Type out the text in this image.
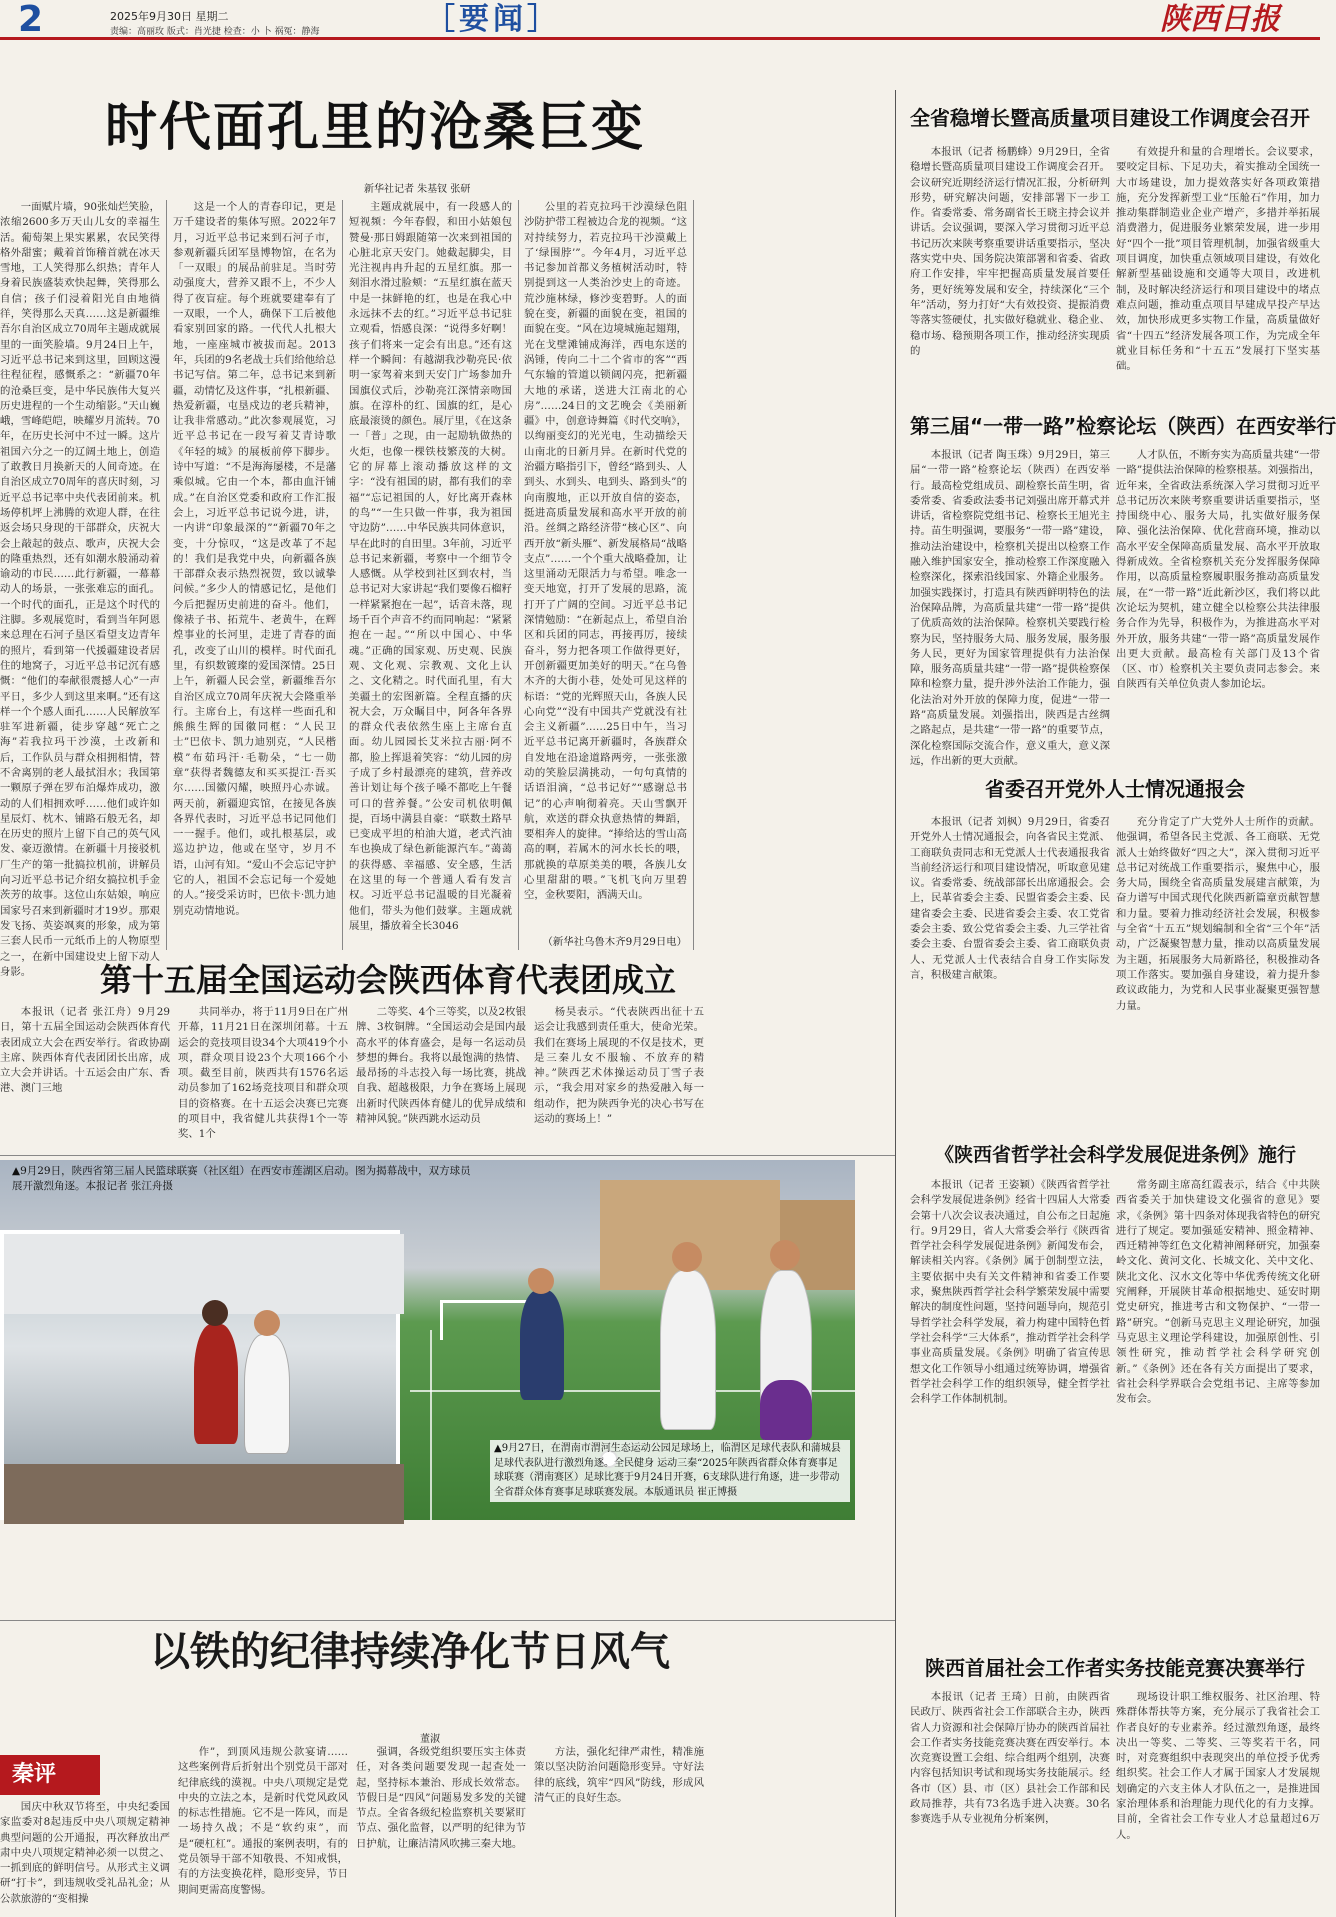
2	2025年9月30日 星期二
责编：高丽玫 版式：肖光捷 检查：小 卜 祸冤：静海	［要闻］	陕西日报
时代面孔里的沧桑巨变
新华社记者 朱基钗 张研

一面赋片墙，90张灿烂笑脸，浓缩2600多万天山儿女的幸福生活。葡萄架上果实累累，农民笑得格外甜蜜；戴着首饰稽首就在冰天雪地，工人笑得那么织热；青年人身着民族盛装欢快起舞，笑得那么自信；孩子们浸着阳光自由地徜徉，笑得那么天真……这是新疆维吾尔自治区成立70周年主题成就展里的一面笑脸墙。9月24日上午，习近平总书记来到这里，回顾这漫往程征程，感慨系之：“新疆70年的沧桑巨变，是中华民族伟大复兴历史进程的一个生动缩影。”天山巍峨，雪峰皑皑，映耀岁月流转。70年，在历史长河中不过一瞬。这片祖国六分之一的辽阔土地上，创造了敢教日月换新天的人间奇迹。在自治区成立70周年的喜庆时刻，习近平总书记率中央代表团前来。机场停机坪上沸腾的欢迎人群，在往返会场只身现的干部群众，庆祝大会上敲起的鼓点、歌声，庆祝大会的隆重热烈，还有如潮水般涌动着谕动的市民……此行新疆，一幕幕动人的场景，一张张难忘的面孔。一个时代的面孔，正是这个时代的注脚。多观展览时，看到当年阿恩来总理在石河子垦区看望支边青年的照片，看到第一代援疆建设者居住的地窝子，习近平总书记沉有感慨：“他们的奉献很震撼人心”一声平日，多少人到这里来啊。”还有这样一个个感人面孔……人民解放军驻军进新疆，徒步穿越“死亡之海”若我拉玛干沙漠，土改新和后，工作队员与群众相拥相情，替不舍离别的老人最拭泪水；我国第一颗原子弹在罗布泊爆炸成功，激动的人们相拥欢呼……他们或许如星辰灯、枕木、铺路石般无名，却在历史的照片上留下自己的英气风发、豪迈激情。在新疆十月接驳机厂生产的第一批搞拉机前，讲解员向习近平总书记介绍女搞拉机手金茨芳的故事。这位山东姑娘，响应国家号召来到新疆时才19岁。那艰发飞扬、英姿飒爽的形象，成为第三套人民币一元纸币上的人物原型之一，在新中国建设史上留下动人身影。

这是一个人的青春印记，更是万千建设者的集体写照。2022年7月，习近平总书记来到石河子市，参观新疆兵团军垦博物馆，在名为「一双眼」的展品前驻足。当时劳动强度大，营养又跟不上，不少人得了夜盲症。每个班就要建奉有了一双眼，一个人，确保下工后被他看家别回家的路。一代代人扎根大地，一座座城市被拔而起。2013年，兵团的9名老战士兵们给他给总书记写信。第二年，总书记来到新疆，动情忆及这件事，“扎根新疆、热爱新疆，屯垦戍边的老兵精神，让我非常感动。”此次参观展览，习近平总书记在一段写着艾青诗歌《年轻的城》的展板前停下脚步。诗中写道：“不是海海屡楼，不是藩乘似城。它由一个本，都由血汗铺成。”在自治区党委和政府工作汇报会上，习近平总书记说今进，讲，一内讲“印象最深的”“新疆70年之变，十分惊叹，“这是改革了不起的！我们是我党中央，向新疆各族干部群众表示热烈祝贺，致以诚挚问候。”多少人的情感记忆，是他们今后把握历史前进的奋斗。他们，像裱子书、拓荒牛、老黄牛，在辉煌事业的长河里，走进了青春的面孔，改变了山川的模样。时代面孔里，有织数镀璨的爱国深情。25日上午，新疆人民会堂，新疆维吾尔自治区成立70周年庆祝大会隆重举行。主席台上，有这样一些面孔和熊熊生辉的国徽同框：“人民卫士”巴依卡、凯力迪别克，“人民楷模”布茹玛汗·毛勒朵，“七一勋章”获得者魏德友和买买提江·吾买尔……国徽闪耀，映照丹心赤诚。两天前，新疆迎宾馆，在接见各族各界代表时，习近平总书记同他们一一握手。他们，或扎根基层，或巡边护边，他或在坚守，岁月不语，山河有知。“爱山不会忘记守护它的人，祖国不会忘记每一个爱她的人。”接受采访时，巴依卡·凯力迪别克动情地说。

主题成就展中，有一段感人的短视频：今年春假，和田小姑娘包赞曼·那日姆跟随第一次来到祖国的心脏北京天安门。她截起脚尖，目光注视冉冉升起的五星红旗。那一刻泪水滑过脸颊：“五星红旗在蓝天中是一抹鲜艳的红，也是在我心中永远抹不去的红。”习近平总书记驻立观看，悟感良深：“说得多好啊！孩子们将来一定会有出息。”还有这样一个瞬间：有越湖我沙勒亮民·依明一家驾着来到天安门广场参加升国旗仪式后，沙勒亮江深情亲吻国旗。在淳朴的红、国旗的红，是心底最滚烫的颜色。展厅里，《在这条一「普」之现，由一起励轨做热的火炬，也像一棵铁枝繁茂的大树。它的屏幕上滚动播放这样的文字：“没有祖国的尉，都有我们的幸福”“忘记祖国的人，好比离开森林的鸟”“一生只做一件事，我为祖国守边防”……中华民族共同体意识，早在此时的自田里。3年前，习近平总书记来新疆，考察中一个细节令人感慨。从学校到社区到农村，当总书记对大家讲起“我们要像石榴籽一样紧紧抱在一起”，话音未落，现场千百个声音不约而同响起：“紧紧抱在一起。”“所以中国心、中华魂。”正确的国家观、历史观、民族观、文化观、宗教观、文化上认之、文化精之。时代面孔里，有大美疆土的宏图新篇。全程直播的庆祝大会，万众瞩目中，阿各年各界的群众代表依然生座上主席台直面。幼儿园园长艾米拉古丽·阿不都，脸上挥退着笑容：“幼儿园的房子成了乡村最漂亮的建筑，营养改善计划让每个孩子嗓不都吃上午餐可口的营养餐。”公安司机依明佩提，百场中满县自豪：“联数土路早已变成平坦的柏油大道，老式汽油车也换成了绿色新能源汽车。”蔼蔼的获得感、幸福感、安全感，生活在这里的每一个普通人看有发言权。习近平总书记温暖的目光凝着他们，带头为他们鼓掌。主题成就展里，播放着全长3046

公里的若克拉玛干沙漠绿色阻沙防护带工程被边合龙的视频。“这对持续努力，若克拉玛干沙漠戴上了‘绿围脖’”。今年4月，习近平总书记参加首都义务植树活动时，特别提到这一人类治沙史上的奇迹。荒沙施林绿，修沙变碧野。人的面貌在变，新疆的面貌在变，祖国的面貌在变。“风在边境城施起翅翔，光在戈壁滩铺成海洋，西电东送的涡锤，传向二十二个省市的客”“西气东输的管道以锁阔闪亮，把新疆大地的承诺，送进大江南北的心房”……24日的文艺晚会《美丽新疆》中，创意诗舞篇《时代交响》，以绚丽变幻的光光电，生动描绘天山南北的日新月异。在新时代党的治疆方略指引下，曾经“路到头、人到头、水到头、电到头、路到头”的向南腹地，正以开放自信的姿态，挺进高质量发展和高水平开放的前沿。丝绸之路经济带“核心区”、向西开放“新头雁”、新发展格局“战略支点”……一个个重大战略叠加，让这里涌动无限活力与希望。唯念一变天地宽，打开了发展的思路，流打开了广阔的空间。习近平总书记深情勉励：“在新起点上，希望自治区和兵团的同志，再接再厉，接续奋斗，努力把各项工作做得更好，开创新疆更加美好的明天。”在乌鲁木齐的大街小巷，处处可见这样的标语：“党的光辉照天山，各族人民心向党”“没有中国共产党就没有社会主义新疆”……25日中午，当习近平总书记离开新疆时，各族群众自发地在沿途道路两旁，一张张激动的笑脸层满挑动，一句句真情的话语泪滴，“总书记好”“感谢总书记”的心声响彻着亮。天山雪飘开航，欢送的群众执意热情的舞蹈，要相奔人的旋律。“捧给达的雪山高高的啊，若属木的河水长长的喂，那就换的草原美美的喂，各族儿女心里甜甜的喂。”飞机飞向万里碧空，金秋要阳，洒满天山。

（新华社乌鲁木齐9月29日电）
全省稳增长暨高质量项目建设工作调度会召开

本报讯（记者 杨鹏蜂）9月29日，全省稳增长暨高质量项目建设工作调度会召开。会议研究近期经济运行情况汇报，分析研判形势，研究解决问题，安排部署下一步工作。省委常委、常务副省长王晓主持会议并讲话。会议强调，要深入学习贯彻习近平总书记历次来陕考察重要讲话重要指示，坚决落实党中央、国务院决策部署和省委、省政府工作安排，牢牢把握高质量发展首要任务，更好统筹发展和安全，持续深化“三个年”活动，努力打好“大有效投资、提振消费等落实签硬仗，扎实做好稳就业、稳企业、稳市场、稳预期各项工作，推动经济实现质的

有效提升和量的合理增长。会议要求，要咬定目标、下足功夫，着实推动全国统一大市场建设，加力提效落实好各项政策措施，充分发挥新型工业“压舱石”作用，加力推动集群制造业企业产增产，多措并举拓展消费潜力，促进服务业繁荣发展，进一步用好“四个一批”项目管理机制，加强省级重大项目调度，加快重点领域项目建设，有效化解新型基础设施和交通等大项目，改进机制，及时解决经济运行和项目建设中的堵点难点问题，推动重点项目早建成早投产早达效，加快形成更多实物工作量，高质量做好省“十四五”经济发展各项工作，为完成全年就业目标任务和“十五五”发展打下坚实基础。

第三届“一带一路”检察论坛（陕西）在西安举行

本报讯（记者 陶玉珠）9月29日，第三届“一带一路”检察论坛（陕西）在西安举行。最高检党组成员、副检察长苗生明，省委常委、省委政法委书记刘强出席开幕式并讲话，省检察院党组书记、检察长王旭光主持。苗生明强调，要服务“一带一路”建设，推动法治建设中，检察机关提出以检察工作融入维护国家安全，推动检察工作深度融入检察深化，探索沿线国家、外籍企业服务。加强实践探讨，打造具有陕西鲜明特色的法治保障品牌，为高质量共建“一带一路”提供了优质高效的法治保障。检察机关要践行检察为民，坚持服务大局、服务发展，服务服务人民，更好为国家管理提供有力法治保障，服务高质量共建“一带一路”提供检察保障和检察力量，提升涉外法治工作能力，强化法治对外开放的保障力度，促进“一带一路”高质量发展。刘强指出，陕西是古丝绸之路起点，是共建“一带一路”的重要节点，深化检察国际交流合作，意义重大，意义深远，作出新的更大贡献。

人才队伍，不断夯实为高质量共建“一带一路”提供法治保障的检察根基。刘强指出，近年来，全省政法系统深入学习贯彻习近平总书记历次来陕考察重要讲话重要指示，坚持围绕中心、服务大局，扎实做好服务保障、强化法治保障、优化营商环境，推动以高水平安全保障高质量发展、高水平开放取得新成效。全省检察机关充分发挥服务保障作用，以高质量检察履职服务推动高质量发展，在“一带一路”近此新沙区，我们将以此次论坛为契机，建立健全以检察公共法律服务合作为先导，积极作为，为推进高水平对外开放，服务共建“一带一路”高质量发展作出更大贡献。最高检有关部门及13个省（区、市）检察机关主要负责同志参会。来自陕西有关单位负责人参加论坛。

省委召开党外人士情况通报会

本报讯（记者 刘枫）9月29日，省委召开党外人士情况通报会，向各省民主党派、工商联负责同志和无党派人士代表通报我省当前经济运行和项目建设情况，听取意见建议。省委常委、统战部部长出席通报会。会上，民革省委会主委、民盟省委会主委、民建省委会主委、民进省委会主委、农工党省委会主委、致公党省委会主委、九三学社省委会主委、台盟省委会主委、省工商联负责人、无党派人士代表结合自身工作实际发言，积极建言献策。

充分肯定了广大党外人士所作的贡献。他强调，希望各民主党派、各工商联、无党派人士始终做好“四之大”，深入贯彻习近平总书记对统战工作重要指示，聚焦中心，服务大局，围绕全省高质量发展建言献策，为奋力谱写中国式现代化陕西新篇章贡献智慧和力量。要着力推动经济社会发展，积极参与全省“十五五”规划编制和全省“三个年”活动，广泛凝聚智慧力量，推动以高质量发展为主题，拓展服务大局新路径，积极推动各项工作落实。要加强自身建设，着力提升参政议政能力，为党和人民事业凝聚更强智慧力量。

第十五届全国运动会陕西体育代表团成立

本报讯（记者 张江舟）9月29日，第十五届全国运动会陕西体育代表团成立大会在西安举行。省政协副主席、陕西体育代表团团长出席，成立大会并讲话。十五运会由广东、香港、澳门三地

共同举办，将于11月9日在广州开幕，11月21日在深圳闭幕。十五运会的竞技项目设34个大项419个小项，群众项目设23个大项166个小项。截至目前，陕西共有1576名运动员参加了162场竞技项目和群众项目的资格赛。在十五运会决赛已完赛的项目中，我省健儿共获得1个一等奖、1个

二等奖、4个三等奖，以及2枚银牌、3枚铜牌。“全国运动会是国内最高水平的体育盛会，是每一名运动员梦想的舞台。我将以最饱满的热情、最昂扬的斗志投入每一场比赛，挑战自我、超越极限，力争在赛场上展现出新时代陕西体育健儿的优异成绩和精神风貌。”陕西跳水运动员

杨昊表示。“代表陕西出征十五运会让我感到责任重大，使命光荣。我们在赛场上展现的不仅是技术，更是三秦儿女不服输、不放弃的精神。”陕西艺术体操运动员丁雪子表示，“我会用对家乡的热爱融入每一组动作，把为陕西争光的决心书写在运动的赛场上！”

▲9月29日，陕西省第三届人民篮球联赛（社区组）在西安市莲湖区启动。图为揭幕战中，双方球员展开激烈角逐。本报记者 张江舟摄
▲9月27日，在渭南市渭河生态运动公园足球场上，临渭区足球代表队和蒲城县足球代表队进行激烈角逐。全民健身 运动三秦“2025年陕西省群众体育赛事足球联赛（渭南赛区）足球比赛于9月24日开赛，6支球队进行角逐，进一步带动全省群众体育赛事足球联赛发展。本版通讯员 崔正博摄
《陕西省哲学社会科学发展促进条例》施行

本报讯（记者 王姿颖）《陕西省哲学社会科学发展促进条例》经省十四届人大常委会第十八次会议表决通过，自公布之日起施行。9月29日，省人大常委会举行《陕西省哲学社会科学发展促进条例》新闻发布会，解读相关内容。《条例》属于创制型立法，主要依据中央有关文件精神和省委工作要求，聚焦陕西哲学社会科学繁荣发展中需要解决的制度性问题，坚持问题导向，规范引导哲学社会科学发展，着力构建中国特色哲学社会科学“三大体系”，推动哲学社会科学事业高质量发展。《条例》明确了省宣传思想文化工作领导小组通过统筹协调，增强省哲学社会科学工作的组织领导，健全哲学社会科学工作体制机制。

常务副主席高红霞表示，结合《中共陕西省委关于加快建设文化强省的意见》要求，《条例》第十四条对体现我省特色的研究进行了规定。要加强延安精神、照金精神、西迁精神等红色文化精神阐释研究，加强秦岭文化、黄河文化、长城文化、关中文化、陕北文化、汉水文化等中华优秀传统文化研究阐释，开展陕甘革命根据地史、延安时期党史研究，推进考古和文物保护、“一带一路”研究。“创新马克思主义理论研究，加强马克思主义理论学科建设，加强原创性、引领性研究，推动哲学社会科学研究创新。”《条例》还在各有关方面提出了要求，省社会科学界联合会党组书记、主席等参加发布会。

陕西首届社会工作者实务技能竞赛决赛举行

本报讯（记者 王琦）日前，由陕西省民政厅、陕西省社会工作部联合主办，陕西省人力资源和社会保障厅协办的陕西首届社会工作者实务技能竞赛决赛在西安举行。本次竞赛设置工会组、综合组两个组别，决赛内容包括知识考试和现场实务技能展示。经各市（区）县、市（区）县社会工作部和民政局推荐，共有73名选手进入决赛。30名参赛选手从专业视角分析案例，

现场设计职工维权服务、社区治理、特殊群体帮扶等方案，充分展示了我省社会工作者良好的专业素养。经过激烈角逐，最终决出一等奖、二等奖、三等奖若干名，同时，对竞赛组织中表现突出的单位授予优秀组织奖。社会工作人才属于国家人才发展规划确定的六支主体人才队伍之一，是推进国家治理体系和治理能力现代化的有力支撑。目前，全省社会工作专业人才总量超过6万人。

以铁的纪律持续净化节日风气
董淑
秦评

国庆中秋双节将至，中央纪委国家监委对8起违反中央八项规定精神典型问题的公开通报，再次释放出严肃中央八项规定精神必须一以贯之、一抓到底的鲜明信号。从形式主义调研“打卡”，到违规收受礼品礼金；从公款旅游的“变相操

作”，到顶风违规公款宴请……这些案例背后折射出个别党员干部对纪律底线的漠视。中央八项规定是党中央的立法之本，是新时代党风政风的标志性措施。它不是一阵风，而是一场持久战；不是“软约束”，而是“硬杠杠”。通报的案例表明，有的党员领导干部不知敬畏、不知戒惧，有的方法变换花样，隐形变异，节日期间更需高度警惕。

强调，各级党组织要压实主体责任，对各类问题要发现一起查处一起，坚持标本兼治、形成长效常态。节假日是“四风”问题易发多发的关键节点。全省各级纪检监察机关要紧盯节点、强化监督，以严明的纪律为节日护航，让廉洁清风吹拂三秦大地。

方法，强化纪律严肃性，精准施策以坚决防治问题隐形变异。守好法律的底线，筑牢“四风”防线，形成风清气正的良好生态。
